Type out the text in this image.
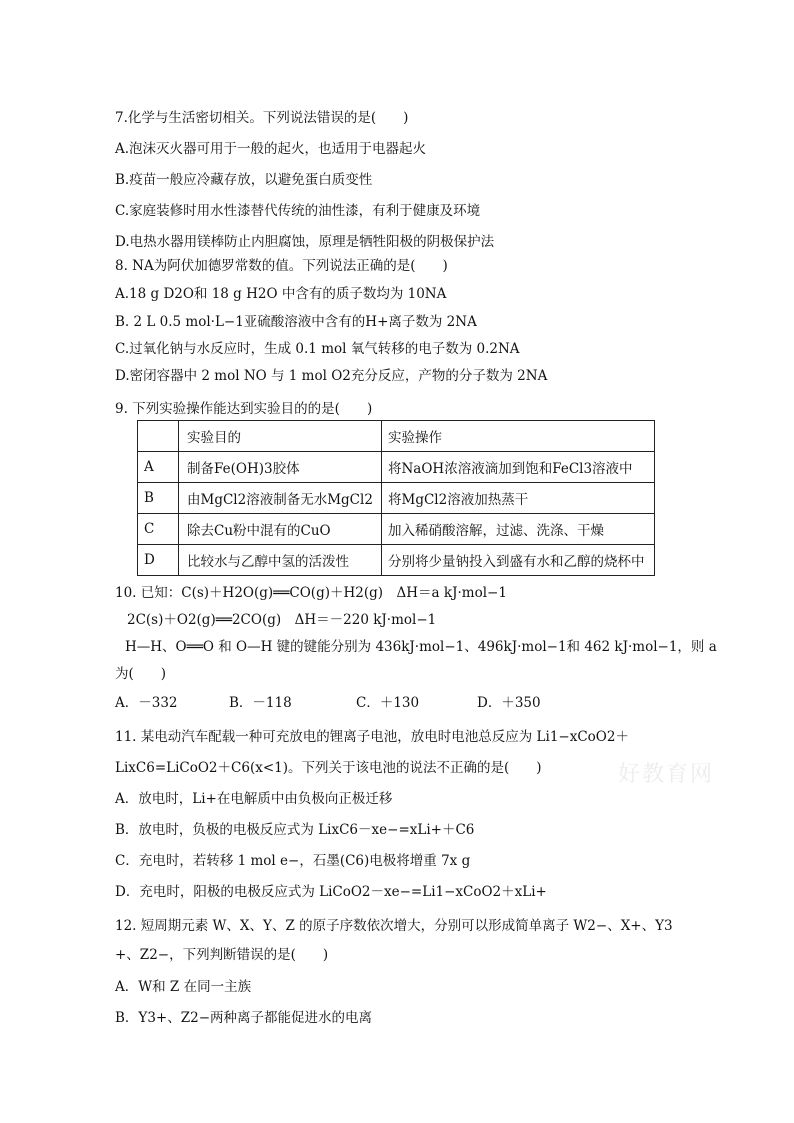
好教育网
7.化学与生活密切相关。下列说法错误的是(　　)
A.泡沫灭火器可用于一般的起火，也适用于电器起火
B.疫苗一般应冷藏存放，以避免蛋白质变性
C.家庭装修时用水性漆替代传统的油性漆，有利于健康及环境
D.电热水器用镁棒防止内胆腐蚀，原理是牺牲阳极的阴极保护法
8. NA为阿伏加德罗常数的值。下列说法正确的是(　　)
A.18 g D2O和 18 g H2O 中含有的质子数均为 10NA
B. 2 L 0.5 mol·L−1亚硫酸溶液中含有的H+离子数为 2NA
C.过氧化钠与水反应时，生成 0.1 mol 氧气转移的电子数为 0.2NA
D.密闭容器中 2 mol NO 与 1 mol O2充分反应，产物的分子数为 2NA
9. 下列实验操作能达到实验目的的是(　　)
	实验目的	实验操作
A	制备Fe(OH)3胶体	将NaOH浓溶液滴加到饱和FeCl3溶液中
B	由MgCl2溶液制备无水MgCl2	将MgCl2溶液加热蒸干
C	除去Cu粉中混有的CuO	加入稀硝酸溶解，过滤、洗涤、干燥
D	比较水与乙醇中氢的活泼性	分别将少量钠投入到盛有水和乙醇的烧杯中
10. 已知：C(s)＋H2O(g)══CO(g)＋H2(g)　ΔH＝a kJ·mol−1
2C(s)＋O2(g)══2CO(g)　ΔH＝－220 kJ·mol−1
H—H、O══O 和 O—H 键的键能分别为 436kJ·mol−1、496kJ·mol−1和 462 kJ·mol−1，则 a
为(　　)
A．－332	B．－118	C．＋130	D．＋350
11. 某电动汽车配载一种可充放电的锂离子电池，放电时电池总反应为 Li1−xCoO2＋
LixC6=LiCoO2＋C6(x<1)。下列关于该电池的说法不正确的是(　　)
A．放电时，Li+在电解质中由负极向正极迁移
B．放电时，负极的电极反应式为 LixC6－xe−=xLi+＋C6
C．充电时，若转移 1 mol e−，石墨(C6)电极将增重 7x g
D．充电时，阳极的电极反应式为 LiCoO2－xe−=Li1−xCoO2＋xLi+
12. 短周期元素 W、X、Y、Z 的原子序数依次增大，分别可以形成简单离子 W2−、X+、Y3
+、Z2−，下列判断错误的是(　　)
A．W和 Z 在同一主族
B．Y3+、Z2−两种离子都能促进水的电离
